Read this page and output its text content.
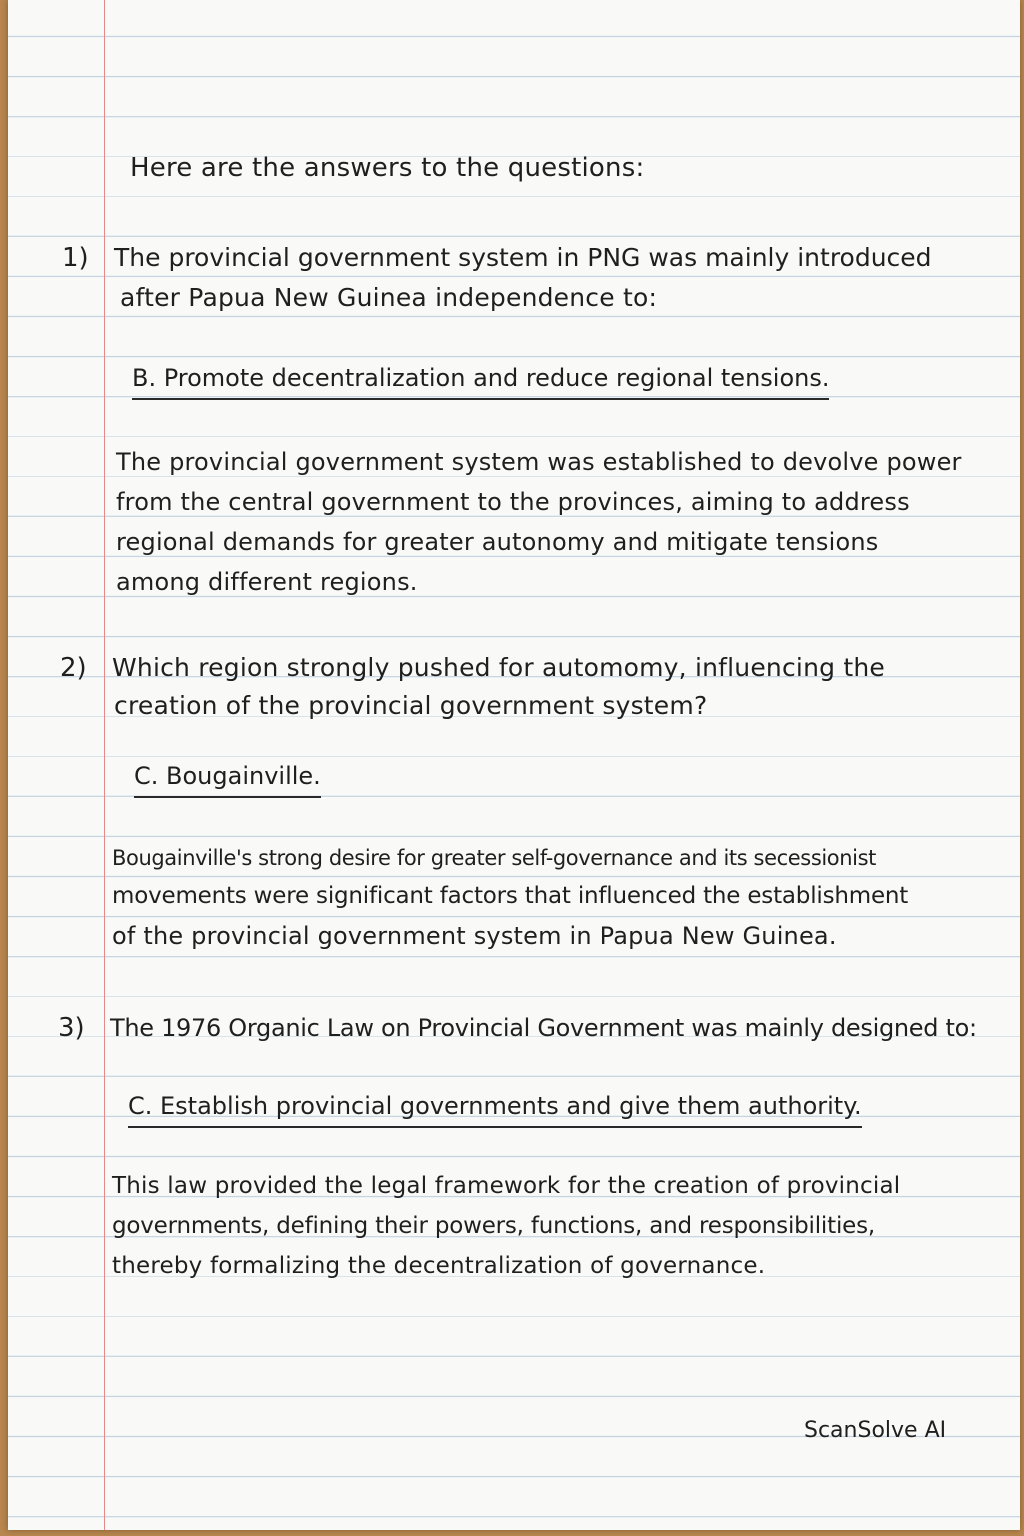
Here are the answers to the questions:
1) The provincial government system in PNG was mainly introduced
after Papua New Guinea independence to:
B. Promote decentralization and reduce regional tensions.
The provincial government system was established to devolve power
from the central government to the provinces, aiming to address
regional demands for greater autonomy and mitigate tensions
among different regions.
2) Which region strongly pushed for automomy, influencing the
creation of the provincial government system?
C. Bougainville.
Bougainville's strong desire for greater self-governance and its secessionist
movements were significant factors that influenced the establishment
of the provincial government system in Papua New Guinea.
3) The 1976 Organic Law on Provincial Government was mainly designed to:
C. Establish provincial governments and give them authority.
This law provided the legal framework for the creation of provincial
governments, defining their powers, functions, and responsibilities,
thereby formalizing the decentralization of governance.
ScanSolve AI
